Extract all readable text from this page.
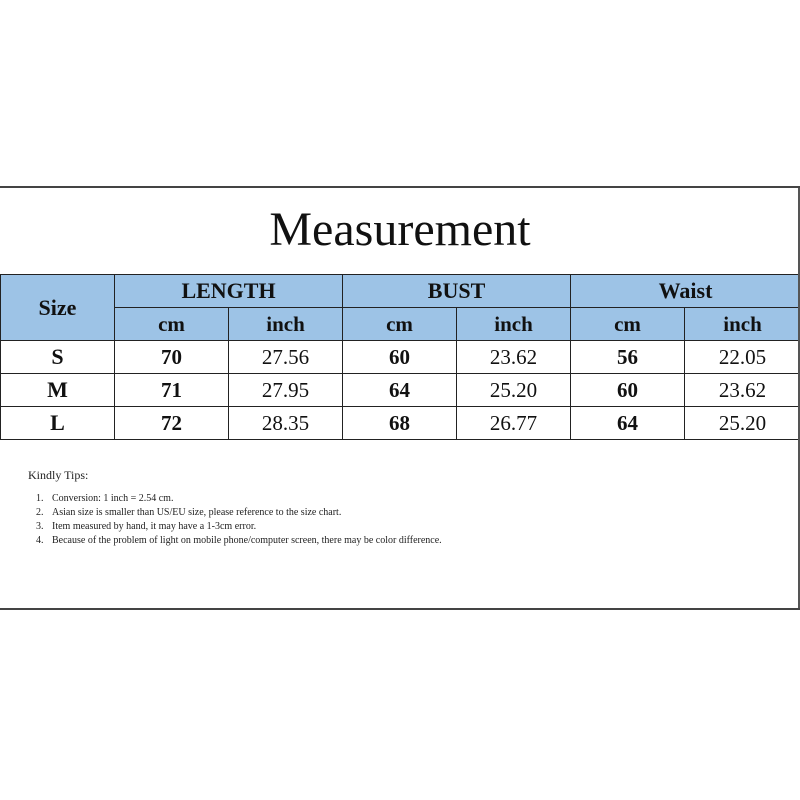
Measurement
Size	LENGTH		BUST		Waist	
	cm	inch	cm	inch	cm	inch
S	70	27.56	60	23.62	56	22.05
M	71	27.95	64	25.20	60	23.62
L	72	28.35	68	26.77	64	25.20
Kindly Tips:
1. Conversion: 1 inch = 2.54 cm.
2. Asian size is smaller than US/EU size, please reference to the size chart.
3. Item measured by hand, it may have a 1-3cm error.
4. Because of the problem of light on mobile phone/computer screen, there may be color difference.
